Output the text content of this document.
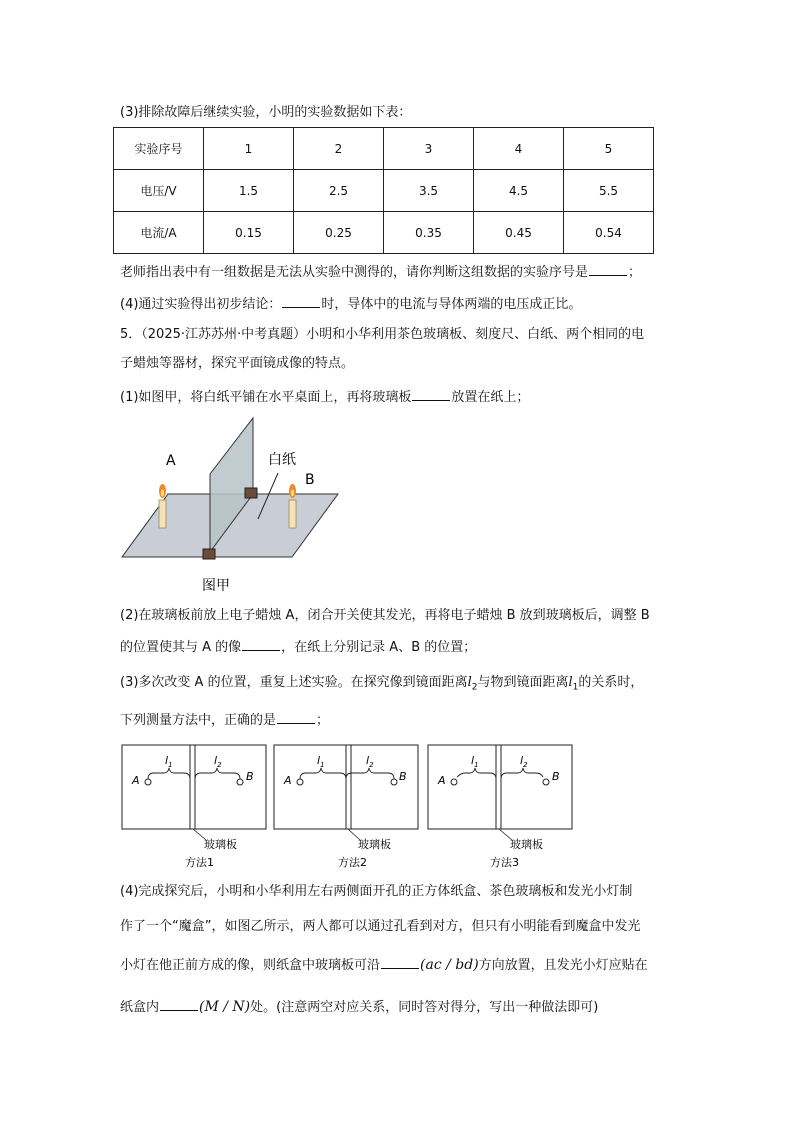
(3)排除故障后继续实验，小明的实验数据如下表：
实验序号	1	2	3	4	5
电压/V	1.5	2.5	3.5	4.5	5.5
电流/A	0.15	0.25	0.35	0.45	0.54
老师指出表中有一组数据是无法从实验中测得的，请你判断这组数据的实验序号是	；
(4)通过实验得出初步结论：	时，导体中的电流与导体两端的电压成正比。
5．（2025·江苏苏州·中考真题）小明和小华利用茶色玻璃板、刻度尺、白纸、两个相同的电
子蜡烛等器材，探究平面镜成像的特点。
(1)如图甲，将白纸平铺在水平桌面上，再将玻璃板	放置在纸上；
A
B
白纸
图甲
(2)在玻璃板前放上电子蜡烛 A，闭合开关使其发光，再将电子蜡烛 B 放到玻璃板后，调整 B
的位置使其与 A 的像	，在纸上分别记录 A、B 的位置；
(3)多次改变 A 的位置，重复上述实验。在探究像到镜面距离$l_2$与物到镜面距离$l_1$的关系时，
下列测量方法中，正确的是	；
A	B
$l_1$	$l_2$
玻璃板
方法1
A	B
$l_1$	$l_2$
玻璃板
方法2
A	B
$l_1$	$l_2$
玻璃板
方法3
(4)完成探究后，小明和小华利用左右两侧面开孔的正方体纸盒、茶色玻璃板和发光小灯制
作了一个“魔盒”，如图乙所示，两人都可以通过孔看到对方，但只有小明能看到魔盒中发光
小灯在他正前方成的像，则纸盒中玻璃板可沿	(ac / bd)方向放置，且发光小灯应贴在
纸盒内	(M / N)处。(注意两空对应关系，同时答对得分，写出一种做法即可)
